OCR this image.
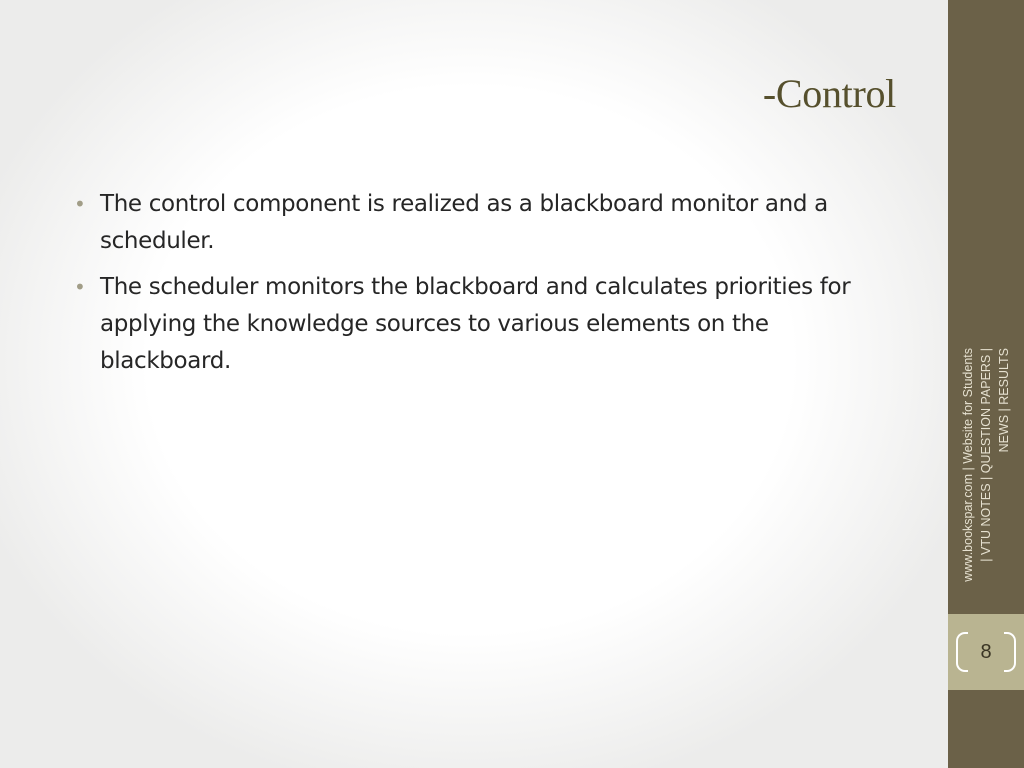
-Control
• The control component is realized as a blackboard monitor and a scheduler.
• The scheduler monitors the blackboard and calculates priorities for applying the knowledge sources to various elements on the blackboard.	www.bookspar.com | Website for Students | VTU NOTES | QUESTION PAPERS | NEWS | RESULTS
8
